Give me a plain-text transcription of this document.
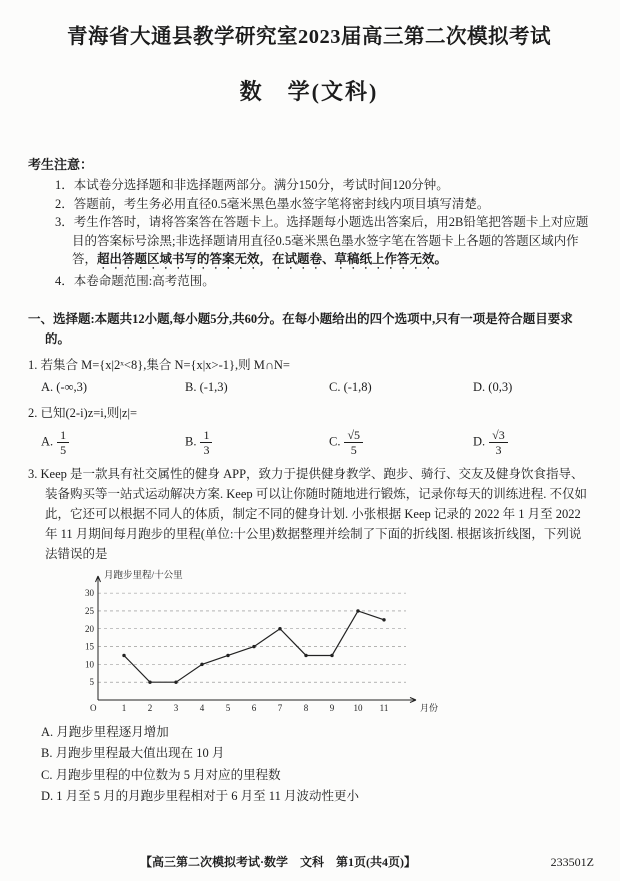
青海省大通县教学研究室2023届高三第二次模拟考试
数　学(文科)
考生注意：
1．本试卷分选择题和非选择题两部分。满分150分，考试时间120分钟。
2．答题前，考生务必用直径0.5毫米黑色墨水签字笔将密封线内项目填写清楚。
3．考生作答时，请将答案答在答题卡上。选择题每小题选出答案后，用2B铅笔把答题卡上对应题目的答案标号涂黑;非选择题请用直径0.5毫米黑色墨水签字笔在答题卡上各题的答题区域内作答，超出答题区域书写的答案无效，在试题卷、草稿纸上作答无效。
4．本卷命题范围:高考范围。
一、选择题:本题共12小题,每小题5分,共60分。在每小题给出的四个选项中,只有一项是符合题目要求的。
1. 若集合 M={x|2ˣ<8},集合 N={x|x>-1},则 M∩N=
A. (-∞,3)	B. (-1,3)	C. (-1,8)	D. (0,3)
2. 已知(2-i)z=i,则|z|=
A. $\frac{1}{5}$	B. $\frac{1}{3}$	C. $\frac{√5}{5}$	D. $\frac{√3}{3}$
3. Keep 是一款具有社交属性的健身 APP，致力于提供健身教学、跑步、骑行、交友及健身饮食指导、装备购买等一站式运动解决方案. Keep 可以让你随时随地进行锻炼，记录你每天的训练进程. 不仅如此，它还可以根据不同人的体质，制定不同的健身计划. 小张根据 Keep 记录的 2022 年 1 月至 2022 年 11 月期间每月跑步的里程(单位:十公里)数据整理并绘制了下面的折线图. 根据该折线图，下列说法错误的是
5
10
15
20
25
30
1 2 3 4 5 6 7 8 9 10 11
O
月跑步里程/十公里
月份
A. 月跑步里程逐月增加
B. 月跑步里程最大值出现在 10 月
C. 月跑步里程的中位数为 5 月对应的里程数
D. 1 月至 5 月的月跑步里程相对于 6 月至 11 月波动性更小
【高三第二次模拟考试·数学　文科　第1页(共4页)】	233501Z
